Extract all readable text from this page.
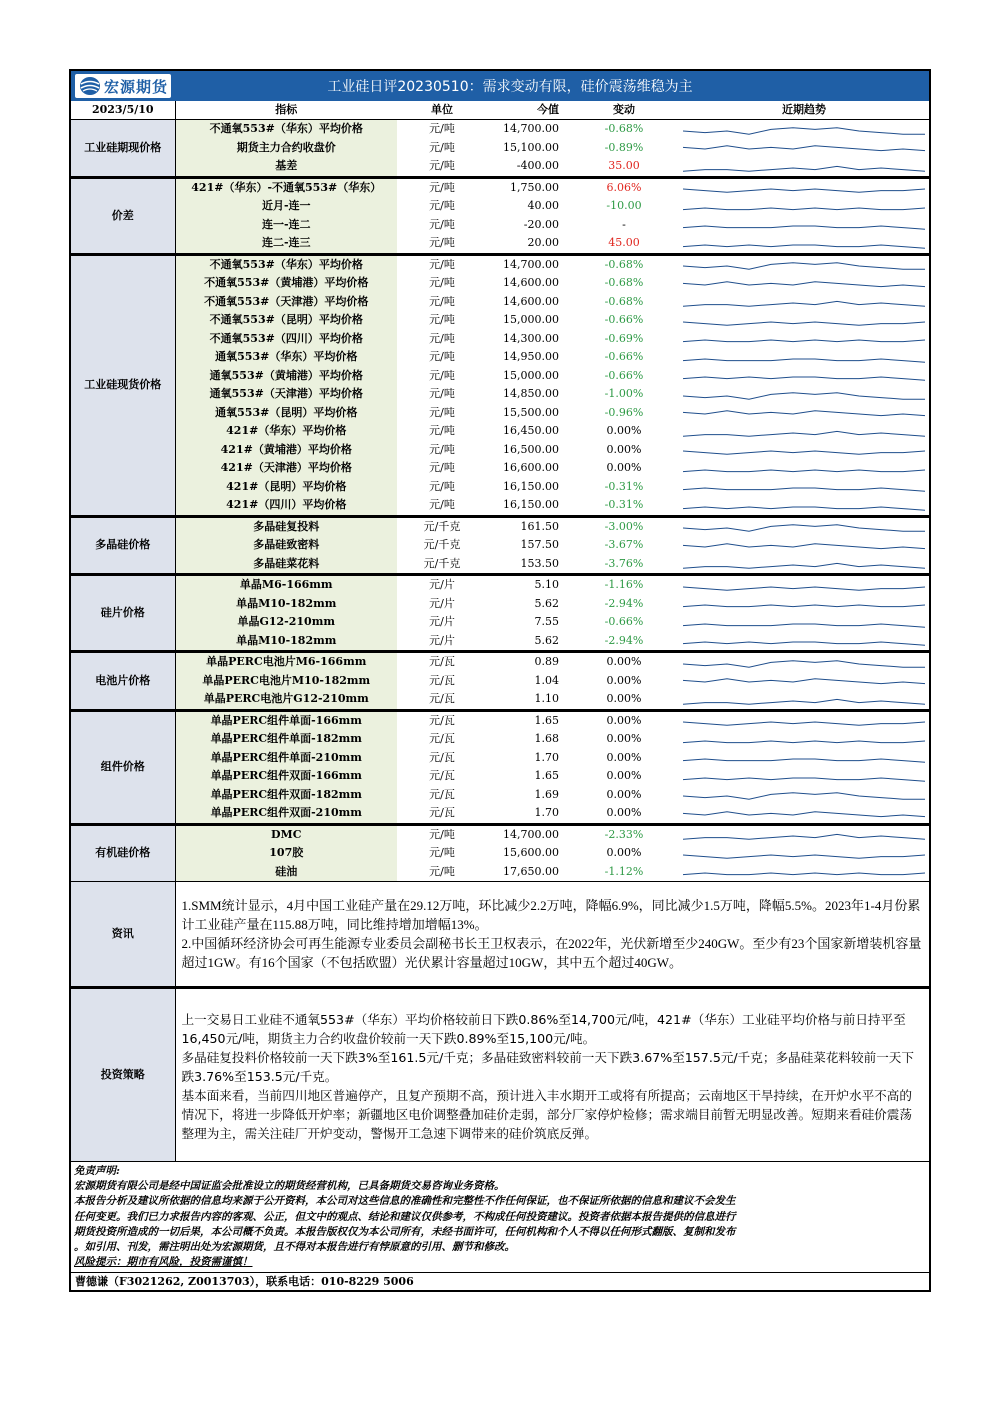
宏源期货	工业硅日评20230510：需求变动有限，硅价震荡维稳为主
2023/5/10	指标	单位	今值	变动	近期趋势
工业硅期现价格	不通氧553#（华东）平均价格	元/吨	14,700.00	-0.68%	

	期货主力合约收盘价	元/吨	15,100.00	-0.89%	

	基差	元/吨	-400.00	35.00	

价差	421#（华东）-不通氧553#（华东）	元/吨	1,750.00	6.06%	

	近月-连一	元/吨	40.00	-10.00	

	连一-连二	元/吨	-20.00	-	

	连二-连三	元/吨	20.00	45.00	

工业硅现货价格	不通氧553#（华东）平均价格	元/吨	14,700.00	-0.68%	

	不通氧553#（黄埔港）平均价格	元/吨	14,600.00	-0.68%	

	不通氧553#（天津港）平均价格	元/吨	14,600.00	-0.68%	

	不通氧553#（昆明）平均价格	元/吨	15,000.00	-0.66%	

	不通氧553#（四川）平均价格	元/吨	14,300.00	-0.69%	

	通氧553#（华东）平均价格	元/吨	14,950.00	-0.66%	

	通氧553#（黄埔港）平均价格	元/吨	15,000.00	-0.66%	

	通氧553#（天津港）平均价格	元/吨	14,850.00	-1.00%	

	通氧553#（昆明）平均价格	元/吨	15,500.00	-0.96%	

	421#（华东）平均价格	元/吨	16,450.00	0.00%	

	421#（黄埔港）平均价格	元/吨	16,500.00	0.00%	

	421#（天津港）平均价格	元/吨	16,600.00	0.00%	

	421#（昆明）平均价格	元/吨	16,150.00	-0.31%	

	421#（四川）平均价格	元/吨	16,150.00	-0.31%	

多晶硅价格	多晶硅复投料	元/千克	161.50	-3.00%	

	多晶硅致密料	元/千克	157.50	-3.67%	

	多晶硅菜花料	元/千克	153.50	-3.76%	

硅片价格	单晶M6-166mm	元/片	5.10	-1.16%	

	单晶M10-182mm	元/片	5.62	-2.94%	

	单晶G12-210mm	元/片	7.55	-0.66%	

	单晶M10-182mm	元/片	5.62	-2.94%	

电池片价格	单晶PERC电池片M6-166mm	元/瓦	0.89	0.00%	

	单晶PERC电池片M10-182mm	元/瓦	1.04	0.00%	

	单晶PERC电池片G12-210mm	元/瓦	1.10	0.00%	

组件价格	单晶PERC组件单面-166mm	元/瓦	1.65	0.00%	

	单晶PERC组件单面-182mm	元/瓦	1.68	0.00%	

	单晶PERC组件单面-210mm	元/瓦	1.70	0.00%	

	单晶PERC组件双面-166mm	元/瓦	1.65	0.00%	

	单晶PERC组件双面-182mm	元/瓦	1.69	0.00%	

	单晶PERC组件双面-210mm	元/瓦	1.70	0.00%	

有机硅价格	DMC	元/吨	14,700.00	-2.33%	

	107胶	元/吨	15,600.00	0.00%	

	硅油	元/吨	17,650.00	-1.12%	

资讯	1.SMM统计显示，4月中国工业硅产量在29.12万吨，环比减少2.2万吨，降幅6.9%，同比减少1.5万吨，降幅5.5%。2023年1-4月份累计工业硅产量在115.88万吨，同比维持增加增幅13%。
2.中国循环经济协会可再生能源专业委员会副秘书长王卫权表示，在2022年，光伏新增至少240GW。至少有23个国家新增装机容量超过1GW。有16个国家（不包括欧盟）光伏累计容量超过10GW，其中五个超过40GW。				

投资策略	上一交易日工业硅不通氧553#（华东）平均价格较前日下跌0.86%至14,700元/吨，421#（华东）工业硅平均价格与前日持平至16,450元/吨，期货主力合约收盘价较前一天下跌0.89%至15,100元/吨。
多晶硅复投料价格较前一天下跌3%至161.5元/千克；多晶硅致密料较前一天下跌3.67%至157.5元/千克；多晶硅菜花料较前一天下跌3.76%至153.5元/千克。
基本面来看，当前四川地区普遍停产，且复产预期不高，预计进入丰水期开工或将有所提高；云南地区干旱持续，在开炉水平不高的情况下，将进一步降低开炉率；新疆地区电价调整叠加硅价走弱，部分厂家停炉检修；需求端目前暂无明显改善。短期来看硅价震荡整理为主，需关注硅厂开炉变动，警惕开工急速下调带来的硅价筑底反弹。				
免责声明:
宏源期货有限公司是经中国证监会批准设立的期货经营机构，已具备期货交易咨询业务资格。
本报告分析及建议所依据的信息均来源于公开资料，本公司对这些信息的准确性和完整性不作任何保证，也不保证所依据的信息和建议不会发生
任何变更。我们已力求报告内容的客观、公正，但文中的观点、结论和建议仅供参考，不构成任何投资建议。投资者依据本报告提供的信息进行
期货投资所造成的一切后果，本公司概不负责。本报告版权仅为本公司所有，未经书面许可，任何机构和个人不得以任何形式翻版、复制和发布
。如引用、刊发，需注明出处为宏源期货，且不得对本报告进行有悖原意的引用、删节和修改。
风险提示：期市有风险，投资需谨慎！
曹德谦（F3021262, Z0013703），联系电话：010-8229 5006
